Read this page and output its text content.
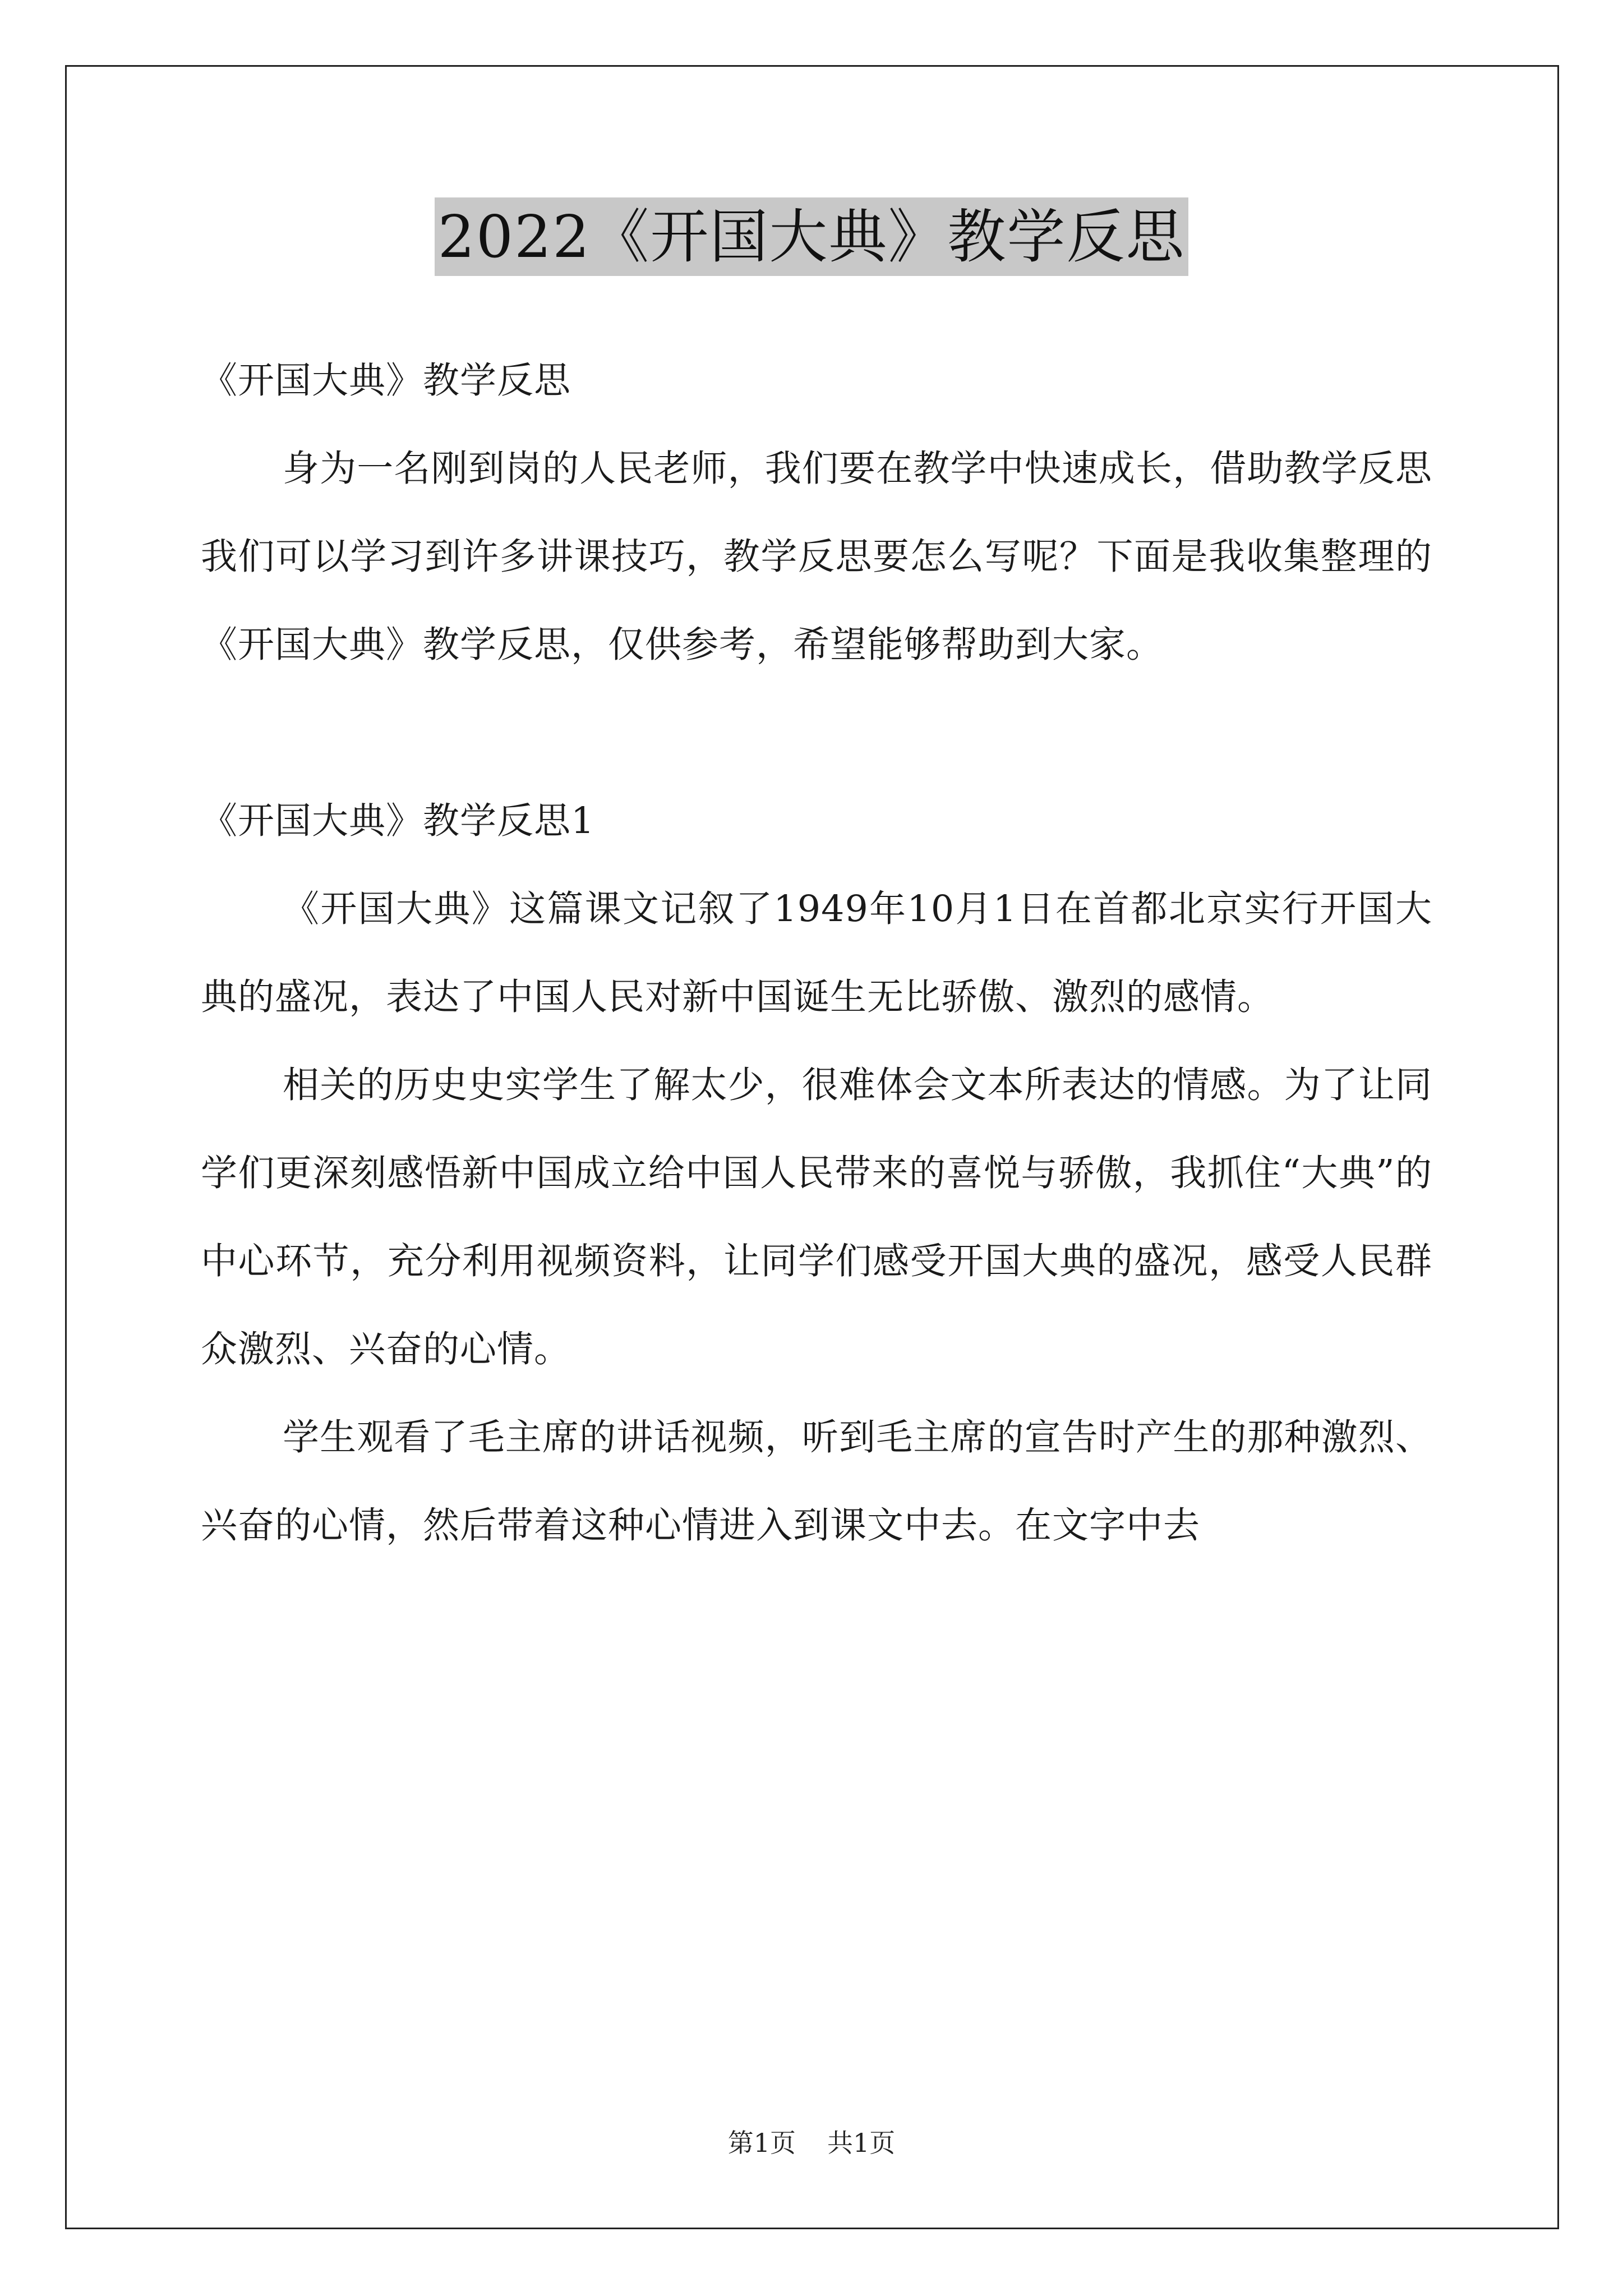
2022《开国大典》教学反思

《开国大典》教学反思

身为一名刚到岗的人民老师，我们要在教学中快速成长，借助教学反思我们可以学习到许多讲课技巧，教学反思要怎么写呢？下面是我收集整理的《开国大典》教学反思，仅供参考，希望能够帮助到大家。

《开国大典》教学反思1

《开国大典》这篇课文记叙了1949年10月1日在首都北京实行开国大典的盛况，表达了中国人民对新中国诞生无比骄傲、激烈的感情。

相关的历史史实学生了解太少，很难体会文本所表达的情感。为了让同学们更深刻感悟新中国成立给中国人民带来的喜悦与骄傲，我抓住“大典”的中心环节，充分利用视频资料，让同学们感受开国大典的盛况，感受人民群众激烈、兴奋的心情。

学生观看了毛主席的讲话视频，听到毛主席的宣告时产生的那种激烈、兴奋的心情，然后带着这种心情进入到课文中去。在文字中去

第1页 共1页
